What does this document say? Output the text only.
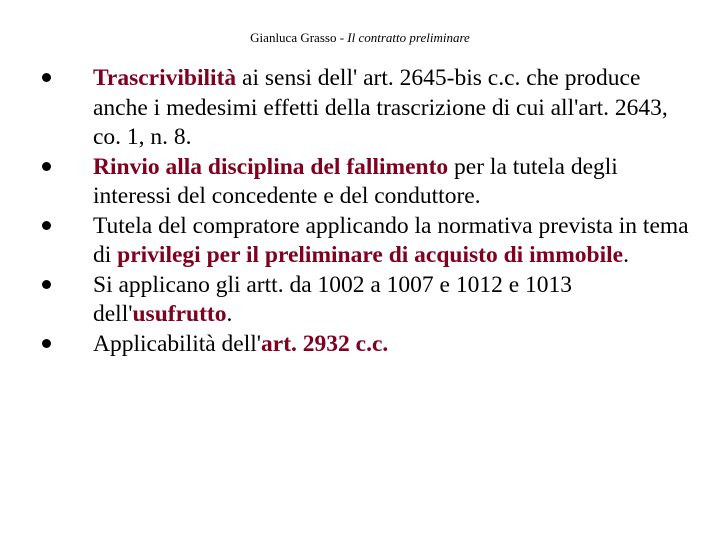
Gianluca Grasso - Il contratto preliminare
Trascrivibilità ai sensi dell' art. 2645-bis c.c. che produce anche i medesimi effetti della trascrizione di cui all'art. 2643, co. 1, n. 8.
Rinvio alla disciplina del fallimento per la tutela degli interessi del concedente e del conduttore.
Tutela del compratore applicando la normativa prevista in tema di privilegi per il preliminare di acquisto di immobile.
Si applicano gli artt. da 1002 a 1007 e 1012 e 1013 dell'usufrutto.
Applicabilità dell'art. 2932 c.c.
